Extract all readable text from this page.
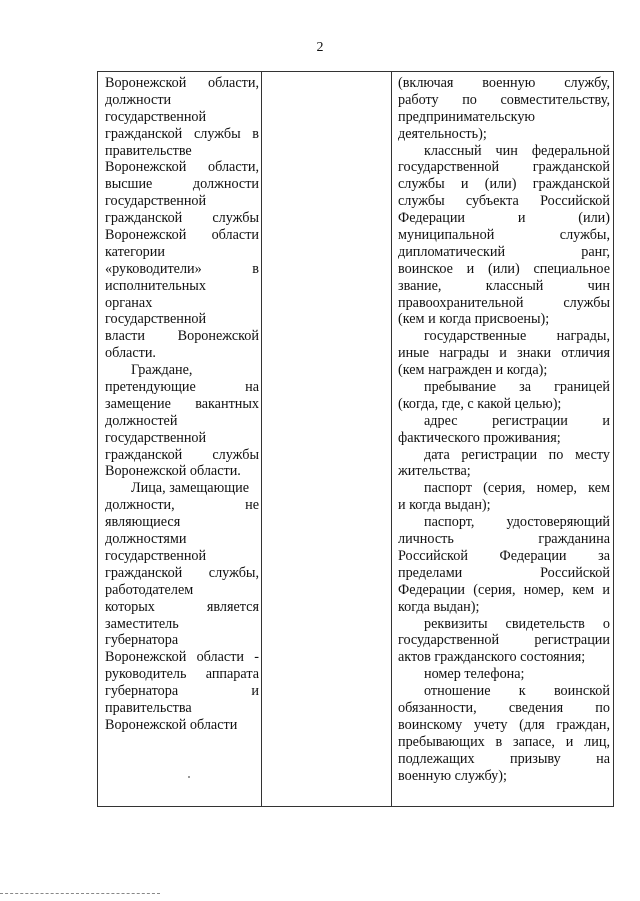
2
Воронежской области,
должности
государственной
гражданской службы в
правительстве
Воронежской области,
высшие должности
государственной
гражданской службы
Воронежской области
категории
«руководители» в
исполнительных
органах
государственной
власти Воронежской
области.
Граждане,
претендующие на
замещение вакантных
должностей
государственной
гражданской службы
Воронежской области.
Лица, замещающие
должности, не
являющиеся
должностями
государственной
гражданской службы,
работодателем
которых является
заместитель
губернатора
Воронежской области -
руководитель аппарата
губернатора и
правительства
Воронежской области
(включая военную службу,
работу по совместительству,
предпринимательскую
деятельность);
классный чин федеральной
государственной гражданской
службы и (или) гражданской
службы субъекта Российской
Федерации и (или)
муниципальной службы,
дипломатический ранг,
воинское и (или) специальное
звание, классный чин
правоохранительной службы
(кем и когда присвоены);
государственные награды,
иные награды и знаки отличия
(кем награжден и когда);
пребывание за границей
(когда, где, с какой целью);
адрес регистрации и
фактического проживания;
дата регистрации по месту
жительства;
паспорт (серия, номер, кем
и когда выдан);
паспорт, удостоверяющий
личность гражданина
Российской Федерации за
пределами Российской
Федерации (серия, номер, кем и
когда выдан);
реквизиты свидетельств о
государственной регистрации
актов гражданского состояния;
номер телефона;
отношение к воинской
обязанности, сведения по
воинскому учету (для граждан,
пребывающих в запасе, и лиц,
подлежащих призыву на
военную службу);
